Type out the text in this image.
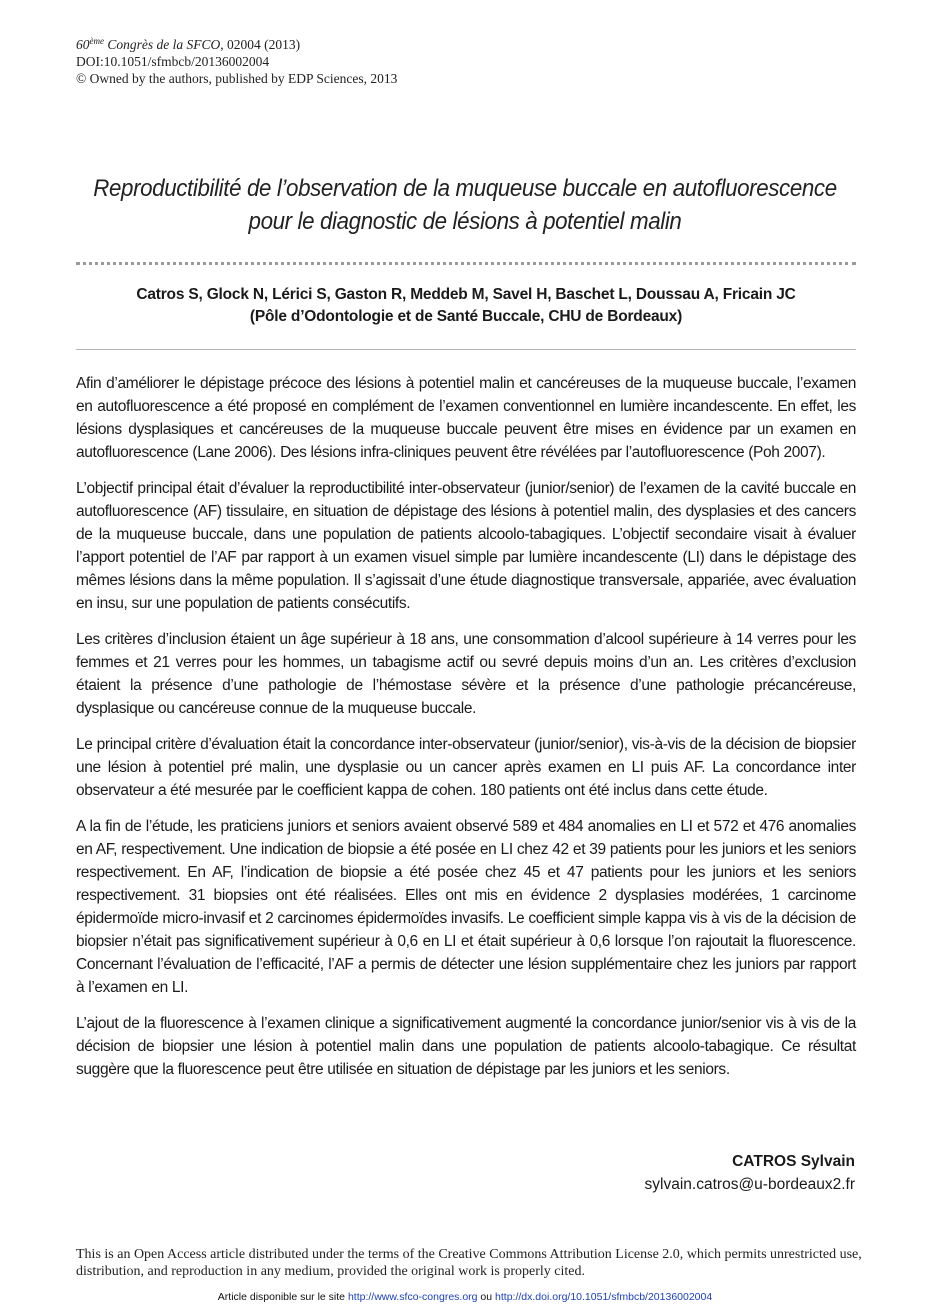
60ème Congrès de la SFCO, 02004 (2013)
DOI:10.1051/sfmbcb/20136002004
© Owned by the authors, published by EDP Sciences, 2013
Reproductibilité de l’observation de la muqueuse buccale en autofluorescence
pour le diagnostic de lésions à potentiel malin
Catros S, Glock N, Lérici S, Gaston R, Meddeb M, Savel H, Baschet L, Doussau A, Fricain JC
(Pôle d’Odontologie et de Santé Buccale, CHU de Bordeaux)

Afin d’améliorer le dépistage précoce des lésions à potentiel malin et cancéreuses de la muqueuse buccale, l’examen en autofluorescence a été proposé en complément de l’examen conventionnel en lumière incandescente. En effet, les lésions dysplasiques et cancéreuses de la muqueuse buccale peuvent être mises en évidence par un examen en autofluorescence (Lane 2006). Des lésions infra-cliniques peuvent être révélées par l’autofluorescence (Poh 2007).

L’objectif principal était d’évaluer la reproductibilité inter-observateur (junior/senior) de l’examen de la cavité buccale en autofluorescence (AF) tissulaire, en situation de dépistage des lésions à potentiel malin, des dysplasies et des cancers de la muqueuse buccale, dans une population de patients alcoolo-tabagiques. L’objectif secondaire visait à évaluer l’apport potentiel de l’AF par rapport à un examen visuel simple par lumière incandescente (LI) dans le dépistage des mêmes lésions dans la même population. Il s’agissait d’une étude diagnostique transversale, appariée, avec évaluation en insu, sur une population de patients consécutifs.

Les critères d’inclusion étaient un âge supérieur à 18 ans, une consommation d’alcool supérieure à 14 verres pour les femmes et 21 verres pour les hommes, un tabagisme actif ou sevré depuis moins d’un an. Les critères d’exclusion étaient la présence d’une pathologie de l’hémostase sévère et la présence d’une pathologie précancéreuse, dysplasique ou cancéreuse connue de la muqueuse buccale.

Le principal critère d’évaluation était la concordance inter-observateur (junior/senior), vis-à-vis de la décision de biopsier une lésion à potentiel pré malin, une dysplasie ou un cancer après examen en LI puis AF. La concordance inter observateur a été mesurée par le coefficient kappa de cohen. 180 patients ont été inclus dans cette étude.

A la fin de l’étude, les praticiens juniors et seniors avaient observé 589 et 484 anomalies en LI et 572 et 476 anomalies en AF, respectivement. Une indication de biopsie a été posée en LI chez 42 et 39 patients pour les juniors et les seniors respectivement. En AF, l’indication de biopsie a été posée chez 45 et 47 patients pour les juniors et les seniors respectivement. 31 biopsies ont été réalisées. Elles ont mis en évidence 2 dysplasies modérées, 1 carcinome épidermoïde micro-invasif et 2 carcinomes épidermoïdes invasifs. Le coefficient simple kappa vis à vis de la décision de biopsier n’était pas significativement supérieur à 0,6 en LI et était supérieur à 0,6 lorsque l’on rajoutait la fluorescence. Concernant l’évaluation de l’efficacité, l’AF a permis de détecter une lésion supplémentaire chez les juniors par rapport à l’examen en LI.

L’ajout de la fluorescence à l’examen clinique a significativement augmenté la concordance junior/senior vis à vis de la décision de biopsier une lésion à potentiel malin dans une population de patients alcoolo-tabagique. Ce résultat suggère que la fluorescence peut être utilisée en situation de dépistage par les juniors et les seniors.

CATROS Sylvain
sylvain.catros@u-bordeaux2.fr
This is an Open Access article distributed under the terms of the Creative Commons Attribution License 2.0, which permits unrestricted use, distribution, and reproduction in any medium, provided the original work is properly cited.
Article disponible sur le site http://www.sfco-congres.org ou http://dx.doi.org/10.1051/sfmbcb/20136002004
